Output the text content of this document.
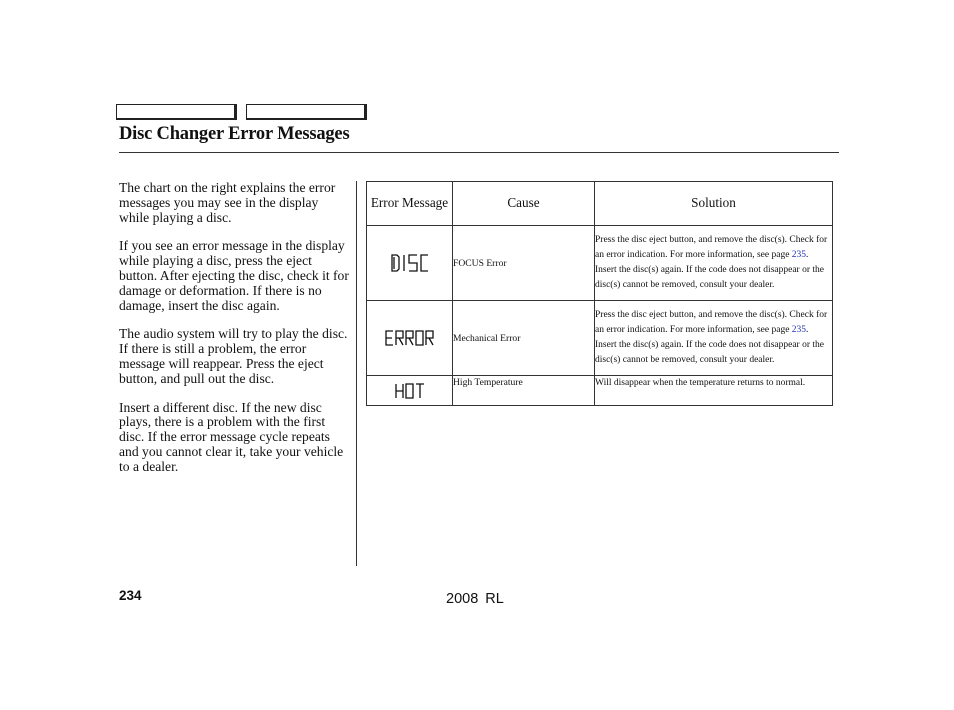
Disc Changer Error Messages

The chart on the right explains the error messages you may see in the display while playing a disc.

If you see an error message in the display while playing a disc, press the eject button. After ejecting the disc, check it for damage or deformation. If there is no damage, insert the disc again.

The audio system will try to play the disc. If there is still a problem, the error message will reappear. Press the eject button, and pull out the disc.

Insert a different disc. If the new disc plays, there is a problem with the first disc. If the error message cycle repeats and you cannot clear it, take your vehicle to a dealer.

Error Message	Cause	Solution

	FOCUS Error	Press the disc eject button, and remove the disc(s). Check for an error indication. For more information, see page 235. Insert the disc(s) again. If the code does not disappear or the disc(s) cannot be removed, consult your dealer.

	Mechanical Error	Press the disc eject button, and remove the disc(s). Check for an error indication. For more information, see page 235. Insert the disc(s) again. If the code does not disappear or the disc(s) cannot be removed, consult your dealer.

	High Temperature	Will disappear when the temperature returns to normal.
234	2008 RL
